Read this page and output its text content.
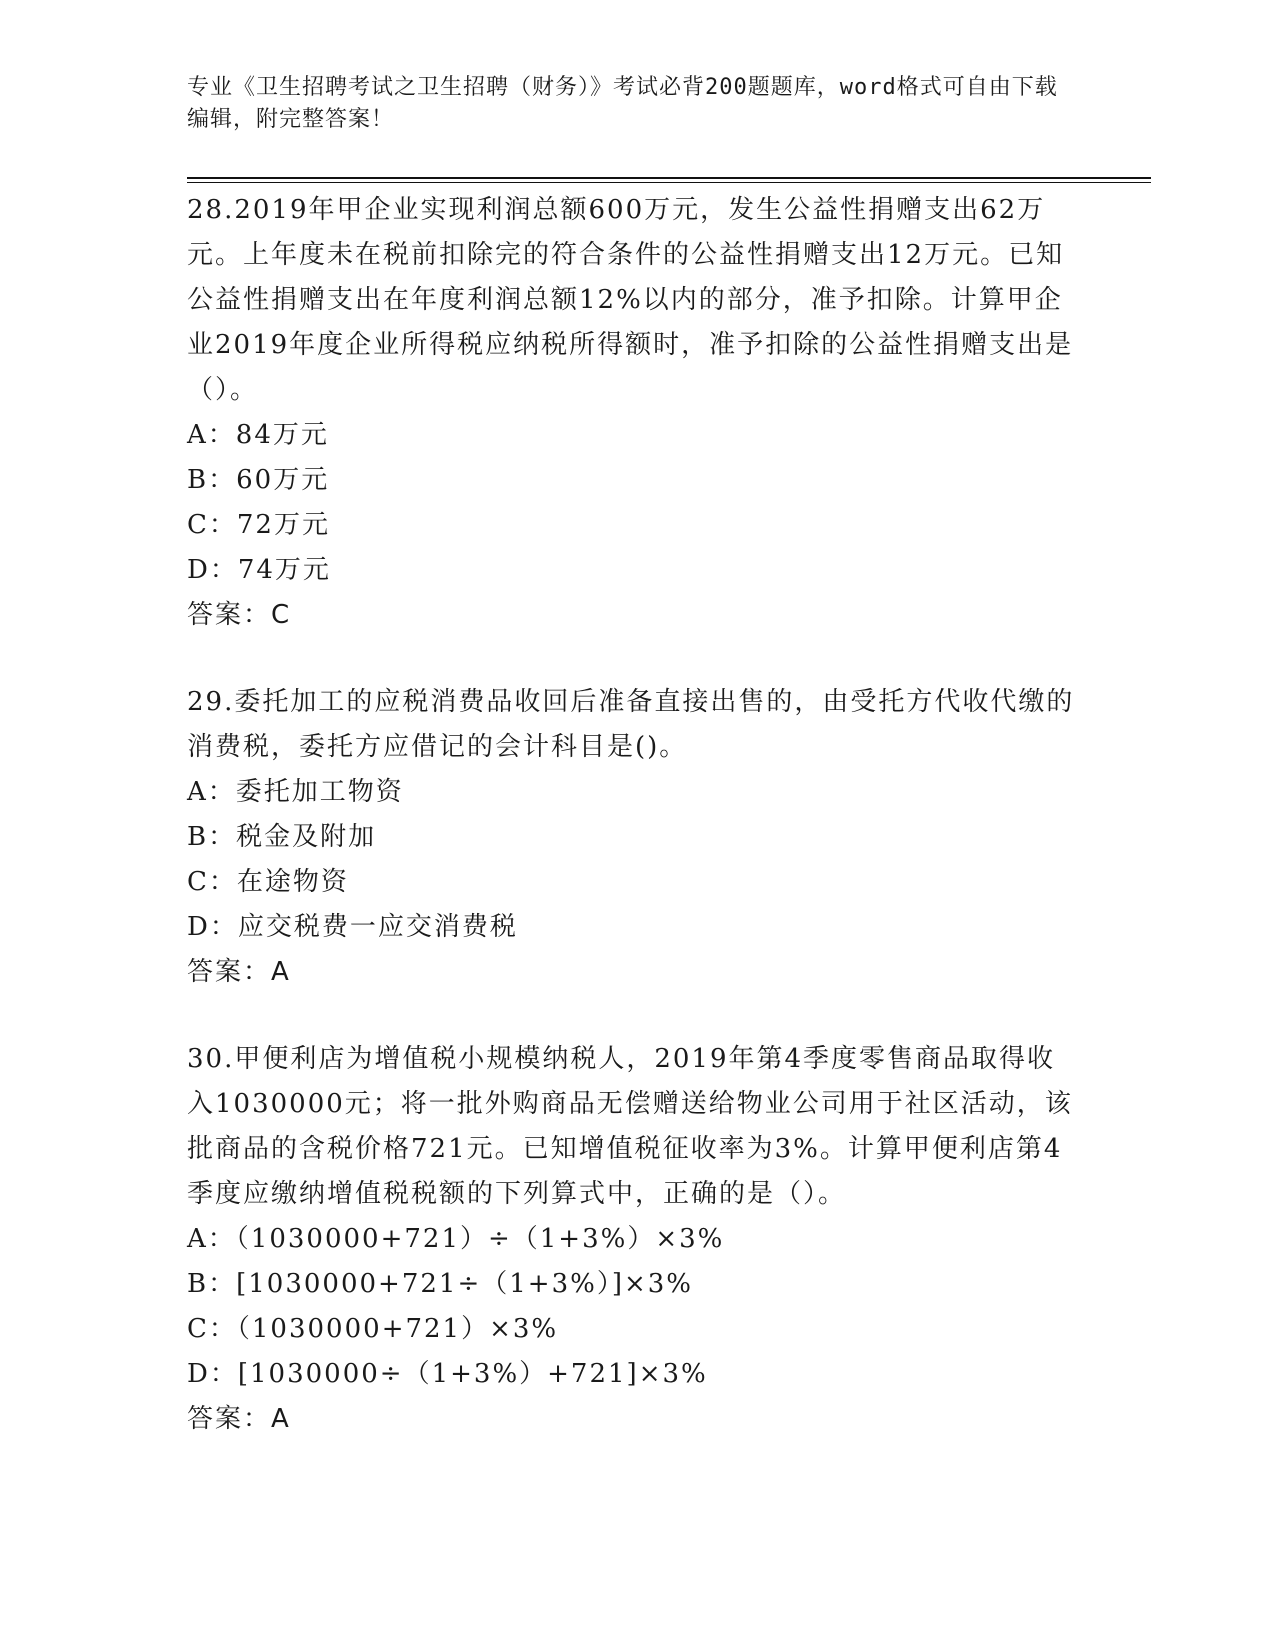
专业《卫生招聘考试之卫生招聘（财务）》考试必背200题题库，word格式可自由下载编辑，附完整答案！

28.2019年甲企业实现利润总额600万元，发生公益性捐赠支出62万元。上年度未在税前扣除完的符合条件的公益性捐赠支出12万元。已知公益性捐赠支出在年度利润总额12%以内的部分，准予扣除。计算甲企业2019年度企业所得税应纳税所得额时，准予扣除的公益性捐赠支出是（）。

A：84万元

B：60万元

C：72万元

D：74万元

答案：C

29.委托加工的应税消费品收回后准备直接出售的，由受托方代收代缴的消费税，委托方应借记的会计科目是()。

A：委托加工物资

B：税金及附加

C：在途物资

D：应交税费一应交消费税

答案：A

30.甲便利店为增值税小规模纳税人，2019年第4季度零售商品取得收入1030000元；将一批外购商品无偿赠送给物业公司用于社区活动，该批商品的含税价格721元。已知增值税征收率为3%。计算甲便利店第4季度应缴纳增值税税额的下列算式中，正确的是（）。

A：（1030000+721）÷（1+3%）×3%

B：[1030000+721÷（1+3%）]×3%

C：（1030000+721）×3%

D：[1030000÷（1+3%）+721]×3%

答案：A
